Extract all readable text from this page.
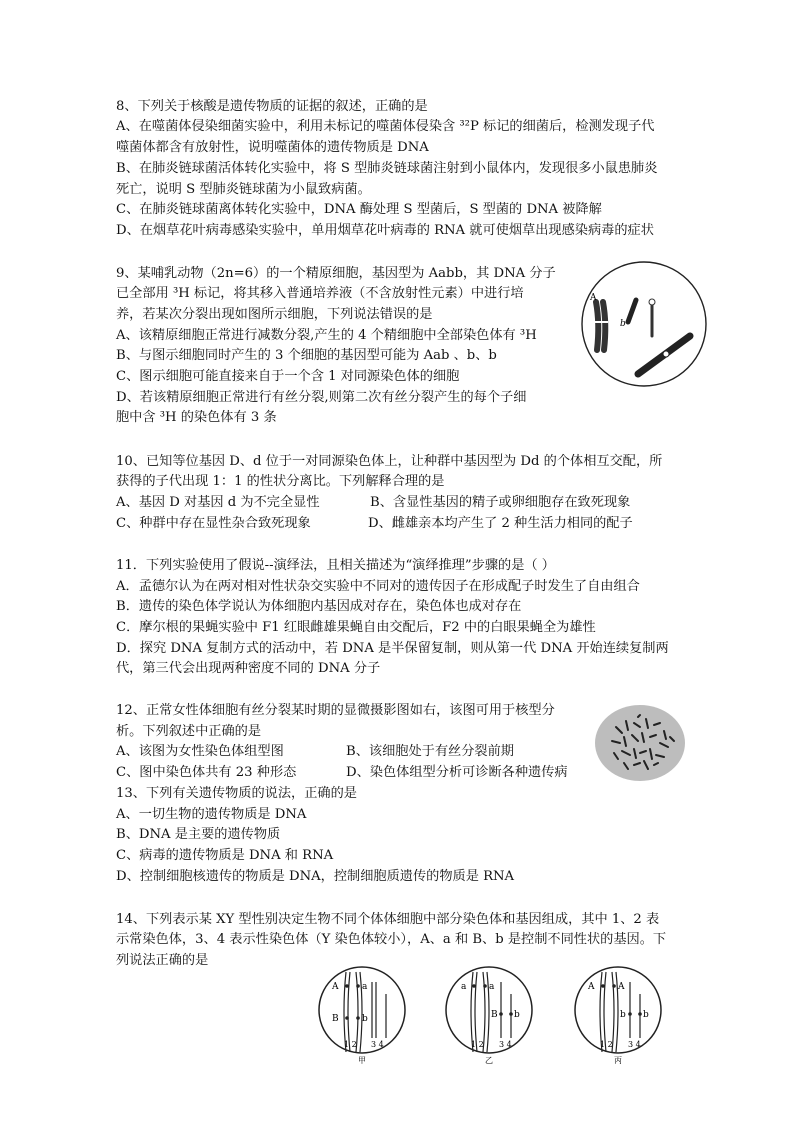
8、下列关于核酸是遗传物质的证据的叙述，正确的是
A、在噬菌体侵染细菌实验中，利用未标记的噬菌体侵染含 ³²P 标记的细菌后，检测发现子代
噬菌体都含有放射性，说明噬菌体的遗传物质是 DNA
B、在肺炎链球菌活体转化实验中，将 S 型肺炎链球菌注射到小鼠体内，发现很多小鼠患肺炎
死亡，说明 S 型肺炎链球菌为小鼠致病菌。
C、在肺炎链球菌离体转化实验中，DNA 酶处理 S 型菌后，S 型菌的 DNA 被降解
D、在烟草花叶病毒感染实验中，单用烟草花叶病毒的 RNA 就可使烟草出现感染病毒的症状
9、某哺乳动物（2n=6）的一个精原细胞，基因型为 Aabb，其 DNA 分子
已全部用 ³H 标记，将其移入普通培养液（不含放射性元素）中进行培
养，若某次分裂出现如图所示细胞，下列说法错误的是
A、该精原细胞正常进行减数分裂,产生的 4 个精细胞中全部染色体有 ³H
B、与图示细胞同时产生的 3 个细胞的基因型可能为 Aab 、b、b
C、图示细胞可能直接来自于一个含 1 对同源染色体的细胞
D、若该精原细胞正常进行有丝分裂,则第二次有丝分裂产生的每个子细
胞中含 ³H 的染色体有 3 条
A
b
10、已知等位基因 D、d 位于一对同源染色体上，让种群中基因型为 Dd 的个体相互交配，所
获得的子代出现 1：1 的性状分离比。下列解释合理的是
A、基因 D 对基因 d 为不完全显性	B、含显性基因的精子或卵细胞存在致死现象
C、种群中存在显性杂合致死现象	D、雌雄亲本均产生了 2 种生活力相同的配子
11．下列实验使用了假说--演绎法，且相关描述为“演绎推理”步骤的是（ ）
A．孟德尔认为在两对相对性状杂交实验中不同对的遗传因子在形成配子时发生了自由组合
B．遗传的染色体学说认为体细胞内基因成对存在，染色体也成对存在
C．摩尔根的果蝇实验中 F1 红眼雌雄果蝇自由交配后，F2 中的白眼果蝇全为雄性
D．探究 DNA 复制方式的活动中，若 DNA 是半保留复制，则从第一代 DNA 开始连续复制两
代，第三代会出现两种密度不同的 DNA 分子
12、正常女性体细胞有丝分裂某时期的显微摄影图如右，该图可用于核型分
析。下列叙述中正确的是
A、该图为女性染色体组型图	B、该细胞处于有丝分裂前期
C、图中染色体共有 23 种形态	D、染色体组型分析可诊断各种遗传病
13、下列有关遗传物质的说法，正确的是
A、一切生物的遗传物质是 DNA
B、DNA 是主要的遗传物质
C、病毒的遗传物质是 DNA 和 RNA
D、控制细胞核遗传的物质是 DNA，控制细胞质遗传的物质是 RNA
14、下列表示某 XY 型性别决定生物不同个体体细胞中部分染色体和基因组成，其中 1、2 表
示常染色体，3、4 表示性染色体（Y 染色体较小），A、a 和 B、b 是控制不同性状的基因。下
列说法正确的是
A	a
B	b
1 2 3 4
甲
a	a
B b
1 2 3 4
乙
A	A
b b
1 2 3 4
丙
